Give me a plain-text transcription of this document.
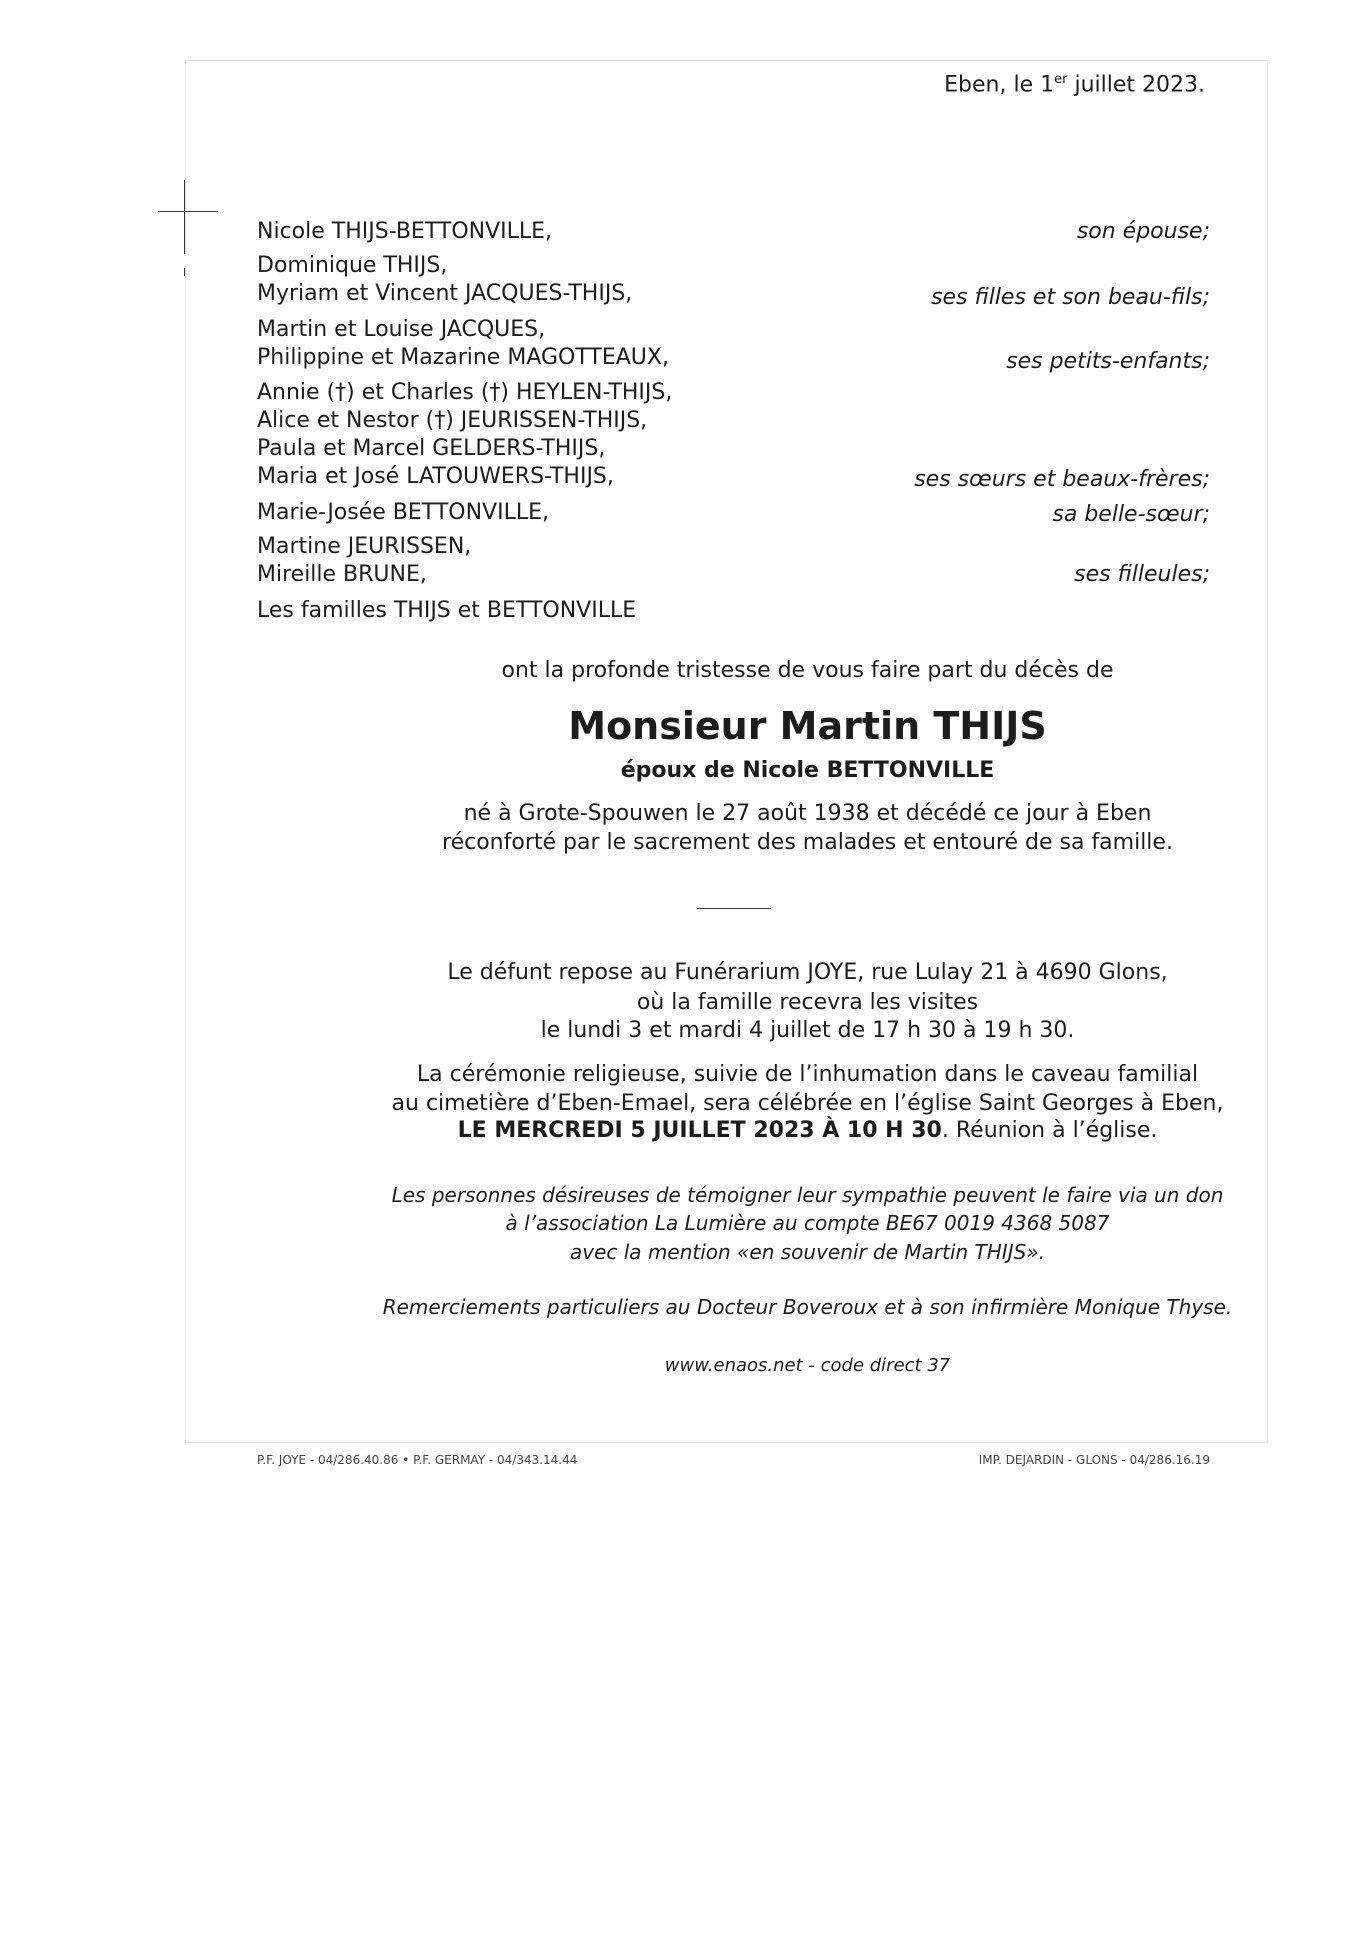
Eben, le 1er juillet 2023.
Nicole THIJS-BETTONVILLE,
Dominique THIJS,
Myriam et Vincent JACQUES-THIJS,
Martin et Louise JACQUES,
Philippine et Mazarine MAGOTTEAUX,
Annie (†) et Charles (†) HEYLEN-THIJS,
Alice et Nestor (†) JEURISSEN-THIJS,
Paula et Marcel GELDERS-THIJS,
Maria et José LATOUWERS-THIJS,
Marie-Josée BETTONVILLE,
Martine JEURISSEN,
Mireille BRUNE,
Les familles THIJS et BETTONVILLE
son épouse;
ses filles et son beau-fils;
ses petits-enfants;
ses sœurs et beaux-frères;
sa belle-sœur;
ses filleules;
ont la profonde tristesse de vous faire part du décès de
Monsieur Martin THIJS
époux de Nicole BETTONVILLE
né à Grote-Spouwen le 27 août 1938 et décédé ce jour à Eben
réconforté par le sacrement des malades et entouré de sa famille.
Le défunt repose au Funérarium JOYE, rue Lulay 21 à 4690 Glons,
où la famille recevra les visites
le lundi 3 et mardi 4 juillet de 17 h 30 à 19 h 30.
La cérémonie religieuse, suivie de l’inhumation dans le caveau familial
au cimetière d’Eben-Emael, sera célébrée en l’église Saint Georges à Eben,
LE MERCREDI 5 JUILLET 2023 À 10 H 30. Réunion à l’église.
Les personnes désireuses de témoigner leur sympathie peuvent le faire via un don
à l’association La Lumière au compte BE67 0019 4368 5087
avec la mention «en souvenir de Martin THIJS».
Remerciements particuliers au Docteur Boveroux et à son infirmière Monique Thyse.
www.enaos.net - code direct 37
P.F. JOYE - 04/286.40.86 • P.F. GERMAY - 04/343.14.44	IMP. DEJARDIN - GLONS - 04/286.16.19
